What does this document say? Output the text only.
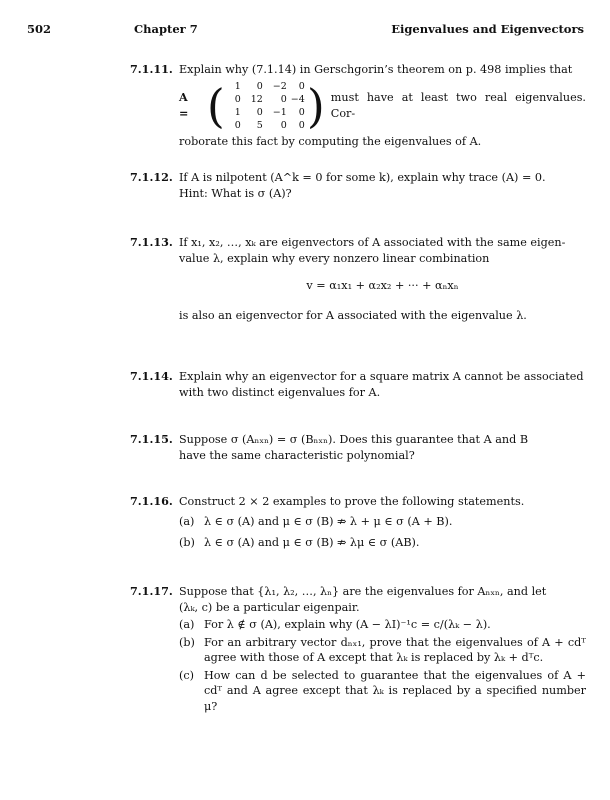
502	Chapter 7	Eigenvalues and Eigenvectors
7.1.11. Explain why (7.1.14) in Gerschgorin’s theorem on p. 498 implies that
A = (	1	0	−2	0
0	12	0 −4
1	0	−1	0
0	5	0	0 ) must have at least two real eigenvalues. Cor-
roborate this fact by computing the eigenvalues of A.
7.1.12. If A is nilpotent (A^k = 0 for some k), explain why trace (A) = 0.
Hint: What is σ (A)?
7.1.13. If x₁, x₂, …, xₖ are eigenvectors of A associated with the same eigen-
value λ, explain why every nonzero linear combination
v = α₁x₁ + α₂x₂ + ··· + αₙxₙ
is also an eigenvector for A associated with the eigenvalue λ.
7.1.14. Explain why an eigenvector for a square matrix A cannot be associated
with two distinct eigenvalues for A.
7.1.15. Suppose σ (Aₙₓₙ) = σ (Bₙₓₙ). Does this guarantee that A and B
have the same characteristic polynomial?
7.1.16. Construct 2 × 2 examples to prove the following statements.
(a) λ ∈ σ (A) and μ ∈ σ (B) ⇏ λ + μ ∈ σ (A + B).
(b) λ ∈ σ (A) and μ ∈ σ (B) ⇏ λμ ∈ σ (AB).
7.1.17. Suppose that {λ₁, λ₂, …, λₙ} are the eigenvalues for Aₙₓₙ, and let
(λₖ, c) be a particular eigenpair.
(a) For λ ∉ σ (A), explain why (A − λI)⁻¹c = c/(λₖ − λ).
(b) For an arbitrary vector dₙₓ₁, prove that the eigenvalues of A + cdᵀ agree with those of A except that λₖ is replaced by λₖ + dᵀc.
(c) How can d be selected to guarantee that the eigenvalues of A + cdᵀ and A agree except that λₖ is replaced by a specified number μ?
